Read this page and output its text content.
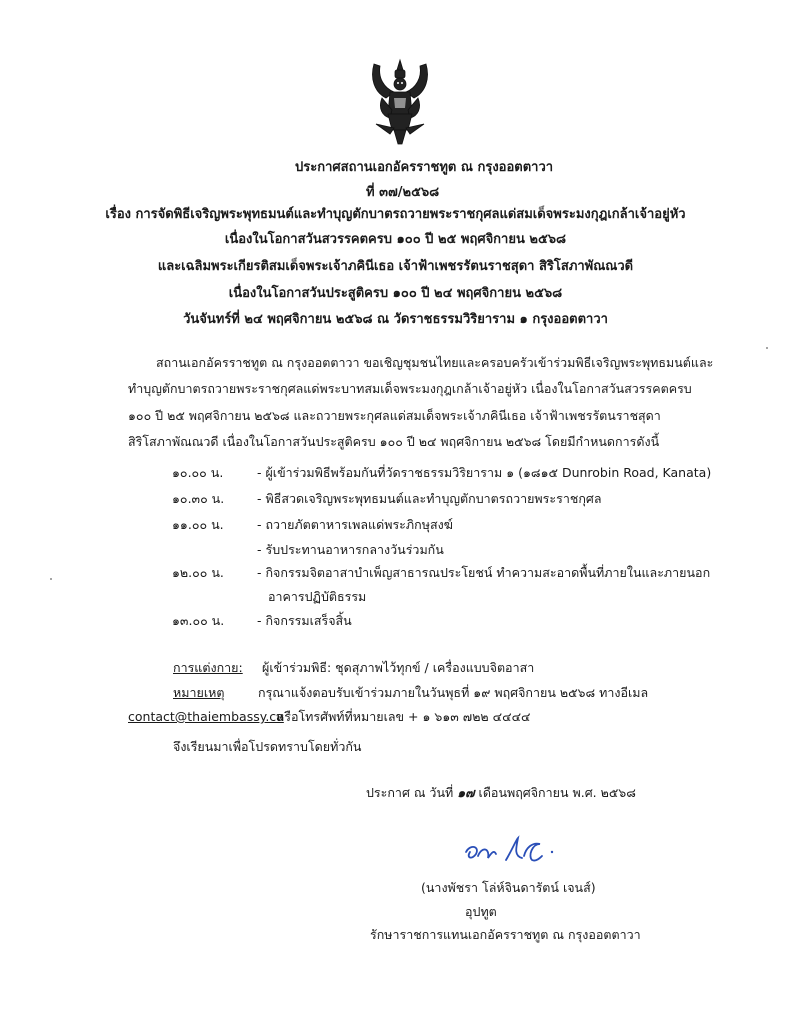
ประกาศสถานเอกอัครราชทูต ณ กรุงออตตาวา
ที่ ๓๗/๒๕๖๘
เรื่อง การจัดพิธีเจริญพระพุทธมนต์และทำบุญตักบาตรถวายพระราชกุศลแด่สมเด็จพระมงกุฎเกล้าเจ้าอยู่หัว
เนื่องในโอกาสวันสวรรคตครบ ๑๐๐ ปี ๒๕ พฤศจิกายน ๒๕๖๘
และเฉลิมพระเกียรติสมเด็จพระเจ้าภคินีเธอ เจ้าฟ้าเพชรรัตนราชสุดา สิริโสภาพัณณวดี
เนื่องในโอกาสวันประสูติครบ ๑๐๐ ปี ๒๔ พฤศจิกายน ๒๕๖๘
วันจันทร์ที่ ๒๔ พฤศจิกายน ๒๕๖๘ ณ วัดราชธรรมวิริยาราม ๑ กรุงออตตาวา
สถานเอกอัครราชทูต ณ กรุงออตตาวา ขอเชิญชุมชนไทยและครอบครัวเข้าร่วมพิธีเจริญพระพุทธมนต์และ
ทำบุญตักบาตรถวายพระราชกุศลแด่พระบาทสมเด็จพระมงกุฎเกล้าเจ้าอยู่หัว เนื่องในโอกาสวันสวรรคตครบ
๑๐๐ ปี ๒๕ พฤศจิกายน ๒๕๖๘ และถวายพระกุศลแด่สมเด็จพระเจ้าภคินีเธอ เจ้าฟ้าเพชรรัตนราชสุดา
สิริโสภาพัณณวดี เนื่องในโอกาสวันประสูติครบ ๑๐๐ ปี ๒๔ พฤศจิกายน ๒๕๖๘ โดยมีกำหนดการดังนี้
๑๐.๐๐ น.	- ผู้เข้าร่วมพิธีพร้อมกันที่วัดราชธรรมวิริยาราม ๑ (๑๘๑๕ Dunrobin Road, Kanata)
๑๐.๓๐ น.	- พิธีสวดเจริญพระพุทธมนต์และทำบุญตักบาตรถวายพระราชกุศล
๑๑.๐๐ น.	- ถวายภัตตาหารเพลแด่พระภิกษุสงฆ์
- รับประทานอาหารกลางวันร่วมกัน
๑๒.๐๐ น.	- กิจกรรมจิตอาสาบำเพ็ญสาธารณประโยชน์ ทำความสะอาดพื้นที่ภายในและภายนอก
อาคารปฏิบัติธรรม
๑๓.๐๐ น.	- กิจกรรมเสร็จสิ้น
การแต่งกาย: ผู้เข้าร่วมพิธี: ชุดสุภาพไว้ทุกข์ / เครื่องแบบจิตอาสา
หมายเหตุ	กรุณาแจ้งตอบรับเข้าร่วมภายในวันพุธที่ ๑๙ พฤศจิกายน ๒๕๖๘ ทางอีเมล
contact@thaiembassy.ca
หรือโทรศัพท์ที่หมายเลข + ๑ ๖๑๓ ๗๒๒ ๔๔๔๔
จึงเรียนมาเพื่อโปรดทราบโดยทั่วกัน
ประกาศ ณ วันที่ ๑๗ เดือนพฤศจิกายน พ.ศ. ๒๕๖๘
(นางพัชรา โล่ห์จินดารัตน์ เจนส์)
อุปทูต
รักษาราชการแทนเอกอัครราชทูต ณ กรุงออตตาวา
